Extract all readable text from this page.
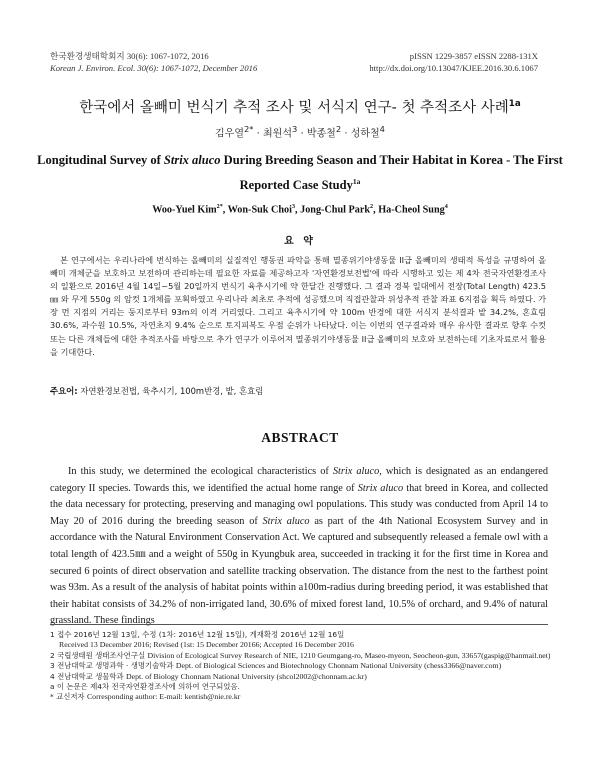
한국환경생태학회지 30(6): 1067-1072, 2016
Korean J. Environ. Ecol. 30(6): 1067-1072, December 2016
pISSN 1229-3857 eISSN 2288-131X
http://dx.doi.org/10.13047/KJEE.2016.30.6.1067
한국에서 올빼미 번식기 추적 조사 및 서식지 연구- 첫 추적조사 사례$^{1a}$
김우열$^{2*}$ · 최원석$^3$ · 박종철$^2$ · 성하철$^4$
Longitudinal Survey of Strix aluco During Breeding Season and Their Habitat in Korea - The First Reported Case Study$^{1a}$
Woo-Yuel Kim$^{2*}$, Won-Suk Choi$^3$, Jong-Chul Park$^2$, Ha-Cheol Sung$^4$
요 약

본 연구에서는 우리나라에 번식하는 올빼미의 실질적인 행동권 파악을 통해 멸종위기야생동물 II급 올빼미의 생태적 특성을 규명하여 올빼미 개체군을 보호하고 보전하며 관리하는데 필요한 자료를 제공하고자 '자연환경보전법'에 따라 시행하고 있는 제 4차 전국자연환경조사의 일환으로 2016년 4월 14일~5월 20일까지 번식기 육추시기에 약 한달간 진행했다. 그 결과 경북 일대에서 전장(Total Length) 423.5㎜ 와 무게 550g 의 암컷 1개체를 포획하였고 우리나라 최초로 추적에 성공했으며 직접관찰과 위성추적 관찰 좌표 6지점을 획득 하였다. 가장 먼 지점의 거리는 둥지로부터 93m의 이격 거리였다. 그리고 육추시기에 약 100m 반경에 대한 서식지 분석결과 밭 34.2%, 혼효림 30.6%, 과수원 10.5%, 자연초지 9.4% 순으로 토지피복도 우점 순위가 나타났다. 이는 이번의 연구결과와 매우 유사한 결과로 향후 수컷 또는 다른 개체들에 대한 추적조사를 바탕으로 추가 연구가 이루어져 멸종위기야생동물 II급 올빼미의 보호와 보전하는데 기초자료로서 활용을 기대한다.

주요어: 자연환경보전법, 육추시기, 100m반경, 밭, 혼효림
ABSTRACT

In this study, we determined the ecological characteristics of Strix aluco, which is designated as an endangered category II species. Towards this, we identified the actual home range of Strix aluco that breed in Korea, and collected the data necessary for protecting, preserving and managing owl populations. This study was conducted from April 14 to May 20 of 2016 during the breeding season of Strix aluco as part of the 4th National Ecosystem Survey and in accordance with the Natural Environment Conservation Act. We captured and subsequently released a female owl with a total length of 423.5㎜ and a weight of 550g in Kyungbuk area, succeeded in tracking it for the first time in Korea and secured 6 points of direct observation and satellite tracking observation. The distance from the nest to the farthest point was 93m. As a result of the analysis of habitat points within a100m-radius during breeding period, it was established that their habitat consists of 34.2% of non-irrigated land, 30.6% of mixed forest land, 10.5% of orchard, and 9.4% of natural grassland. These findings

1 접수 2016년 12월 13일, 수정 (1차: 2016년 12월 15일), 게재확정 2016년 12월 16일
Received 13 December 2016; Revised (1st: 15 December 20166; Accepted 16 December 2016
2 국립생태원 생태조사연구실 Division of Ecological Survey Research of NIE, 1210 Geumgang-ro, Maseo-myeon, Seocheon-gun, 33657(gaspig@hanmail.net)
3 전남대학교 생명과학 · 생명기술학과 Dept. of Biological Sciences and Biotechnology Chonnam National University (chess3366@naver.com)
4 전남대학교 생물학과 Dept. of Biology Chonnam National University (shcol2002@chonnam.ac.kr)
a 이 논문은 제4차 전국자연환경조사에 의하여 연구되었음.
* 교신저자 Corresponding author: E-mail: kentish@nie.re.kr
